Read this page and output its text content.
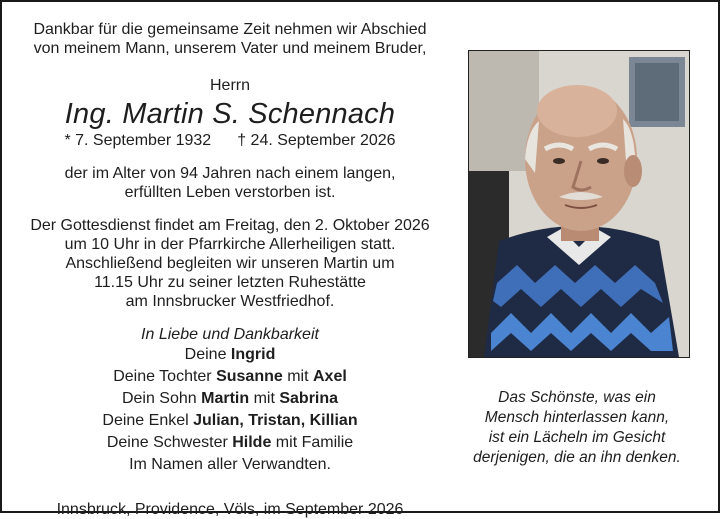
Dankbar für die gemeinsame Zeit nehmen wir Abschied
von meinem Mann, unserem Vater und meinem Bruder,
Herrn
Ing. Martin S. Schennach
* 7. September 1932 † 24. September 2026
der im Alter von 94 Jahren nach einem langen,
erfüllten Leben verstorben ist.
Der Gottesdienst findet am Freitag, den 2. Oktober 2026
um 10 Uhr in der Pfarrkirche Allerheiligen statt.
Anschließend begleiten wir unseren Martin um
11.15 Uhr zu seiner letzten Ruhestätte
am Innsbrucker Westfriedhof.
In Liebe und Dankbarkeit
Deine Ingrid
Deine Tochter Susanne mit Axel
Dein Sohn Martin mit Sabrina
Deine Enkel Julian, Tristan, Killian
Deine Schwester Hilde mit Familie
Im Namen aller Verwandten.
Innsbruck, Providence, Völs, im September 2026
Das Schönste, was ein
Mensch hinterlassen kann,
ist ein Lächeln im Gesicht
derjenigen, die an ihn denken.
